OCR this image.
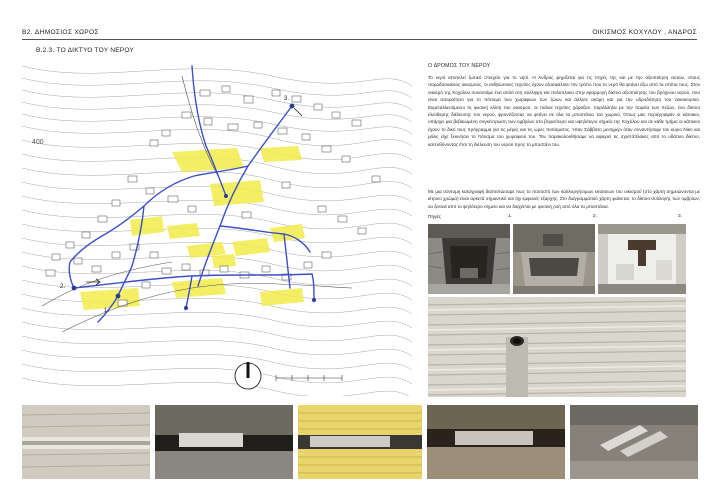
B2. ΔΗΜΟΣΙΟΣ ΧΩΡΟΣ	ΟΙΚΙΣΜΟΣ ΚΟΧΥΛΟΥ , ΑΝΔΡΟΣ
B.2.3. ΤΟ ΔΙΚΤΥΟ ΤΟΥ ΝΕΡΟΥ
400
1.
2.
3.
Ο ΔΡΟΜΟΣ ΤΟΥ ΝΕΡΟΥ

Το νερό αποτελεί ζωτικό στοιχείο για το νησί. Η Άνδρος φημίζεται για τις πηγές της και με την αξιοποίηση αυτών, στους παραδοσιακούς οικισμούς, οι ανθρώπινες τεχνίτες έχουν εξασφαλίσει τον τρόπο που το νερό θα φτάνει έξω από τα σπίτια τους. Στον οικισμό της Κοχύλου συναντάμε ένα απλό στη σύλληψη και πολύπλοκο στην εφαρμογή δίκτυο αξιοποίησης του βρόχινου νερού, που είναι απαραίτητο για το πότισμα των χωραφιών των ζώων και άλλοτε ακόμη και για την υδροδότηση του νοικοκυριού. Εκμεταλλευόμενοι τη φυσική κλίση του οικισμού, οι παλιοί τεχνίτες χάραξαν, παράλληλα με την πορεία των πεζών, ένα δίκτυο ελεύθερης διέλευσης του νερού, φροντίζοντας να φτάνει σε όλα τα μποστάνια του χωριού. Όπως μας περιέγραψαν οι κάτοικοι, υπάρχει μια βεβαιωμένη συγκέντρωση των ομβρίων στο βορειότερο και υψηλότερο σημείο της Κοχύλου και σε κάθε τμήμα οι κάτοικοι έχουν το δικό τους πρόγραμμα για τις μέρες και τις ώρες ποτίσματος. Ήταν Σάββατο μεσημέρι όταν συναντήσαμε τον κύριο Νίκο και μόλις είχε ξεκινήσει το πότισμα του χωραφιού του. Τον παρακολουθήσαμε να αφαιρεί τις σχιστόπλακες από το υδάτινο δίκτυο, κατευθύνοντας έτσι τη διέλευση του νερού προς το μποστάνι του.

Με μια σύντομη καταγραφή διαπιστώσαμε πως το ποσοστό των καλλιεργήσιμων εκτάσεων του οικισμού (στο χάρτη σημειώνονται με κίτρινο χρώμα) είναι αρκετά σημαντικό και όχι εμφανές εξαρχής. Στο διαγραμματικό χάρτη φαίνεται, το δίκτυο συλλογής των ομβρίων, να ξεκινά από το ψηλότερο σημείο και να διαχέεται με φυσική ροή από όλα τα μποστάνια.

Πηγές	1.	2.	3.
